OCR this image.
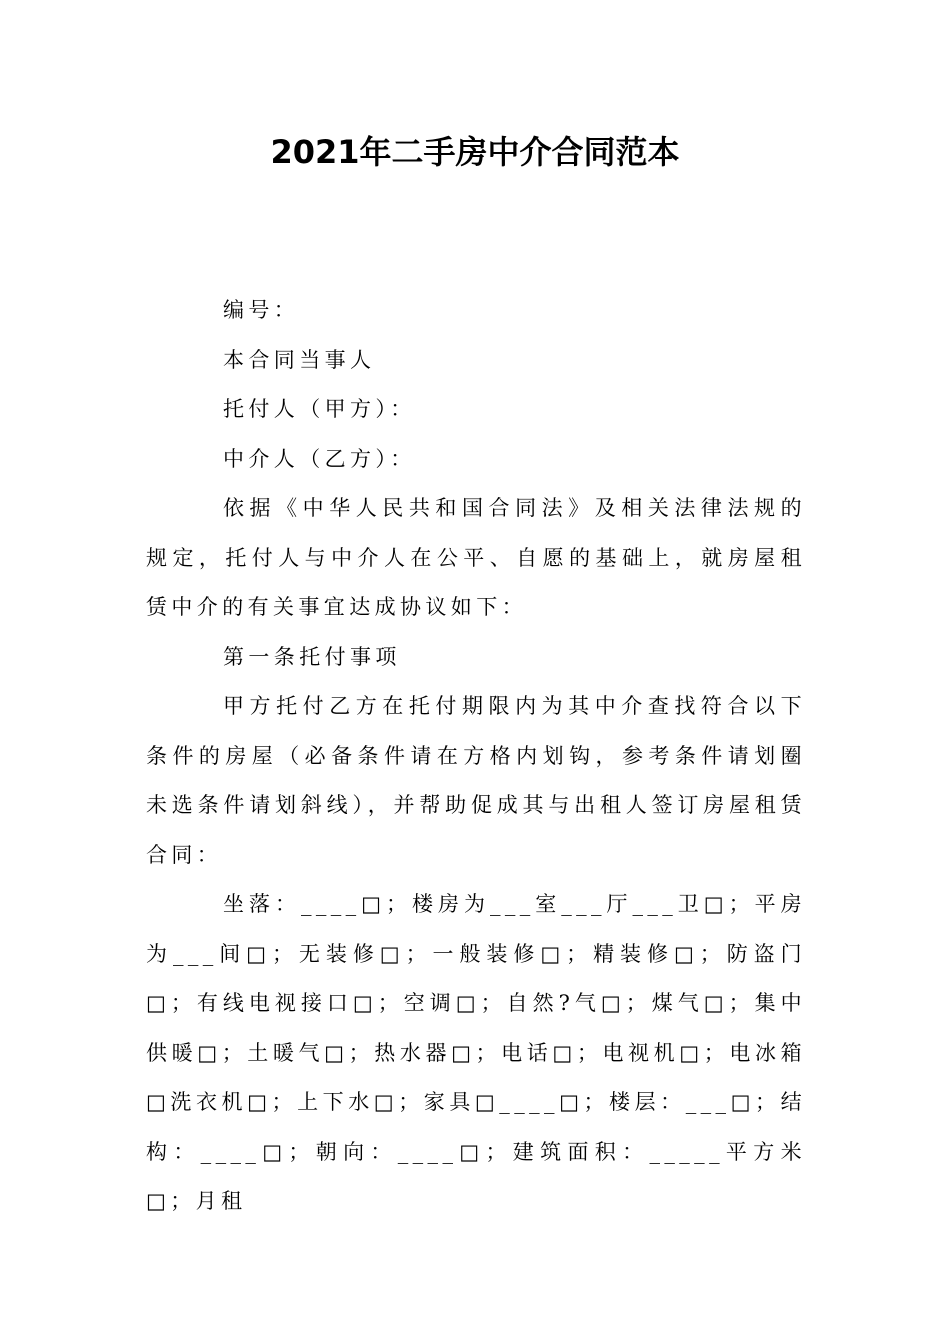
2021年二手房中介合同范本

编号：

本合同当事人

托付人（甲方）：

中介人（乙方）：

依据《中华人民共和国合同法》及相关法律法规的规定，托付人与中介人在公平、自愿的基础上，就房屋租赁中介的有关事宜达成协议如下：

第一条托付事项

甲方托付乙方在托付期限内为其中介查找符合以下条件的房屋（必备条件请在方格内划钩，参考条件请划圈未选条件请划斜线），并帮助促成其与出租人签订房屋租赁合同：

坐落：____□；楼房为___室___厅___卫□；平房为___间□；无装修□；一般装修□；精装修□；防盗门□；有线电视接口□；空调□；自然?气□；煤气□；集中供暖□；土暖气□；热水器□；电话□；电视机□；电冰箱□洗衣机□；上下水□；家具□____□；楼层：___□；结构：____□；朝向：____□；建筑面积：_____平方米□；月租
